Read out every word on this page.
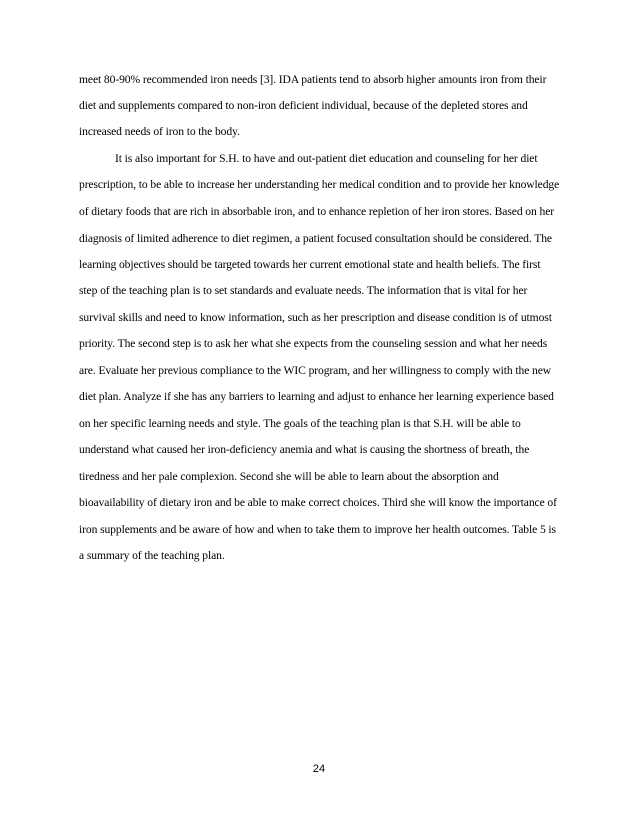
meet 80-90% recommended iron needs [3]. IDA patients tend to absorb higher amounts iron from their
diet and supplements compared to non-iron deficient individual, because of the depleted stores and
increased needs of iron to the body.
It is also important for S.H. to have and out-patient diet education and counseling for her diet
prescription, to be able to increase her understanding her medical condition and to provide her knowledge
of dietary foods that are rich in absorbable iron, and to enhance repletion of her iron stores. Based on her
diagnosis of limited adherence to diet regimen, a patient focused consultation should be considered. The
learning objectives should be targeted towards her current emotional state and health beliefs. The first
step of the teaching plan is to set standards and evaluate needs. The information that is vital for her
survival skills and need to know information, such as her prescription and disease condition is of utmost
priority. The second step is to ask her what she expects from the counseling session and what her needs
are. Evaluate her previous compliance to the WIC program, and her willingness to comply with the new
diet plan. Analyze if she has any barriers to learning and adjust to enhance her learning experience based
on her specific learning needs and style. The goals of the teaching plan is that S.H. will be able to
understand what caused her iron-deficiency anemia and what is causing the shortness of breath, the
tiredness and her pale complexion. Second she will be able to learn about the absorption and
bioavailability of dietary iron and be able to make correct choices. Third she will know the importance of
iron supplements and be aware of how and when to take them to improve her health outcomes. Table 5 is
a summary of the teaching plan.
24
